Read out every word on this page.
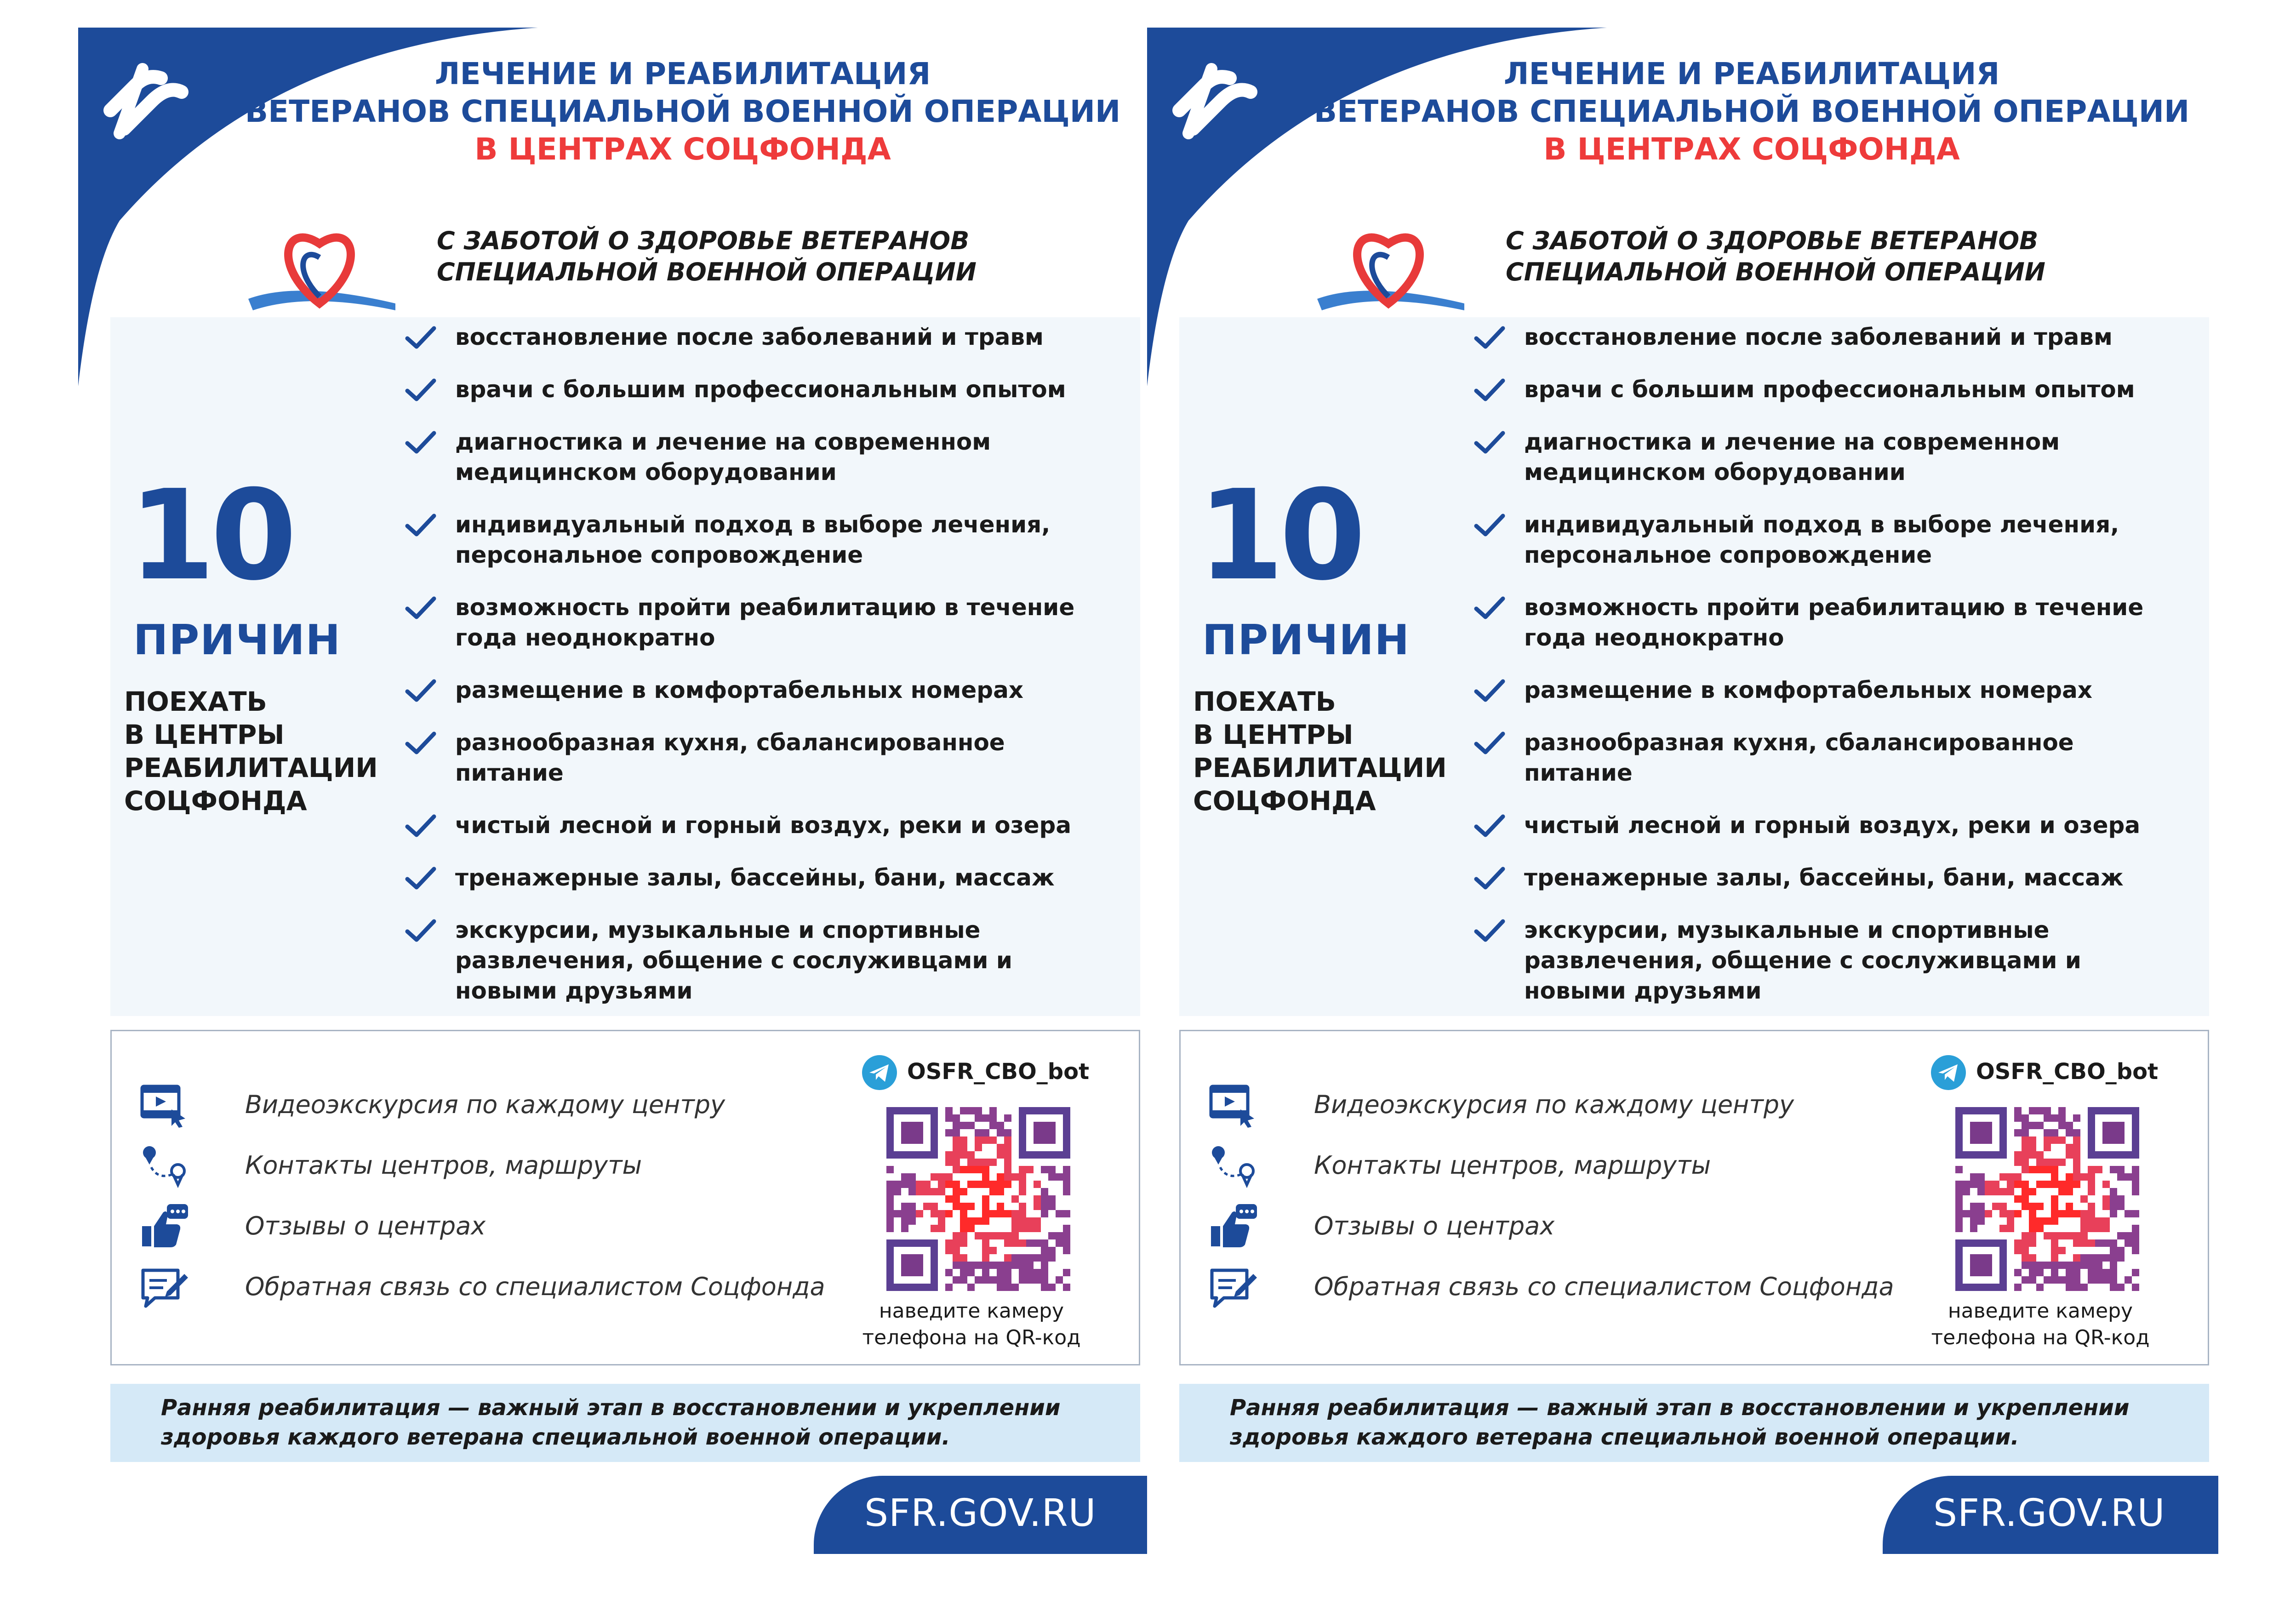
ЛЕЧЕНИЕ И РЕАБИЛИТАЦИЯ
ВЕТЕРАНОВ СПЕЦИАЛЬНОЙ ВОЕННОЙ ОПЕРАЦИИ
В ЦЕНТРАХ СОЦФОНДА
С ЗАБОТОЙ О ЗДОРОВЬЕ ВЕТЕРАНОВ
СПЕЦИАЛЬНОЙ ВОЕННОЙ ОПЕРАЦИИ
10
ПРИЧИН
ПОЕХАТЬ
В ЦЕНТРЫ
РЕАБИЛИТАЦИИ
СОЦФОНДА
восстановление после заболеваний и травм
врачи с большим профессиональным опытом
диагностика и лечение на современном
медицинском оборудовании
индивидуальный подход в выборе лечения,
персональное сопровождение
возможность пройти реабилитацию в течение
года неоднократно
размещение в комфортабельных номерах
разнообразная кухня, сбалансированное
питание
чистый лесной и горный воздух, реки и озера
тренажерные залы, бассейны, бани, массаж
экскурсии, музыкальные и спортивные
развлечения, общение с сослуживцами и
новыми друзьями
Видеоэкскурсия по каждому центру
Контакты центров, маршруты
Отзывы о центрах
Обратная связь со специалистом Соцфонда
OSFR_CBO_bot
наведите камеру
телефона на QR-код
Ранняя реабилитация — важный этап в восстановлении и укреплении
здоровья каждого ветерана специальной военной операции.
SFR.GOV.RU
ЛЕЧЕНИЕ И РЕАБИЛИТАЦИЯ
ВЕТЕРАНОВ СПЕЦИАЛЬНОЙ ВОЕННОЙ ОПЕРАЦИИ
В ЦЕНТРАХ СОЦФОНДА
С ЗАБОТОЙ О ЗДОРОВЬЕ ВЕТЕРАНОВ
СПЕЦИАЛЬНОЙ ВОЕННОЙ ОПЕРАЦИИ
10
ПРИЧИН
ПОЕХАТЬ
В ЦЕНТРЫ
РЕАБИЛИТАЦИИ
СОЦФОНДА
восстановление после заболеваний и травм
врачи с большим профессиональным опытом
диагностика и лечение на современном
медицинском оборудовании
индивидуальный подход в выборе лечения,
персональное сопровождение
возможность пройти реабилитацию в течение
года неоднократно
размещение в комфортабельных номерах
разнообразная кухня, сбалансированное
питание
чистый лесной и горный воздух, реки и озера
тренажерные залы, бассейны, бани, массаж
экскурсии, музыкальные и спортивные
развлечения, общение с сослуживцами и
новыми друзьями
Видеоэкскурсия по каждому центру
Контакты центров, маршруты
Отзывы о центрах
Обратная связь со специалистом Соцфонда
OSFR_CBO_bot
наведите камеру
телефона на QR-код
Ранняя реабилитация — важный этап в восстановлении и укреплении
здоровья каждого ветерана специальной военной операции.
SFR.GOV.RU
